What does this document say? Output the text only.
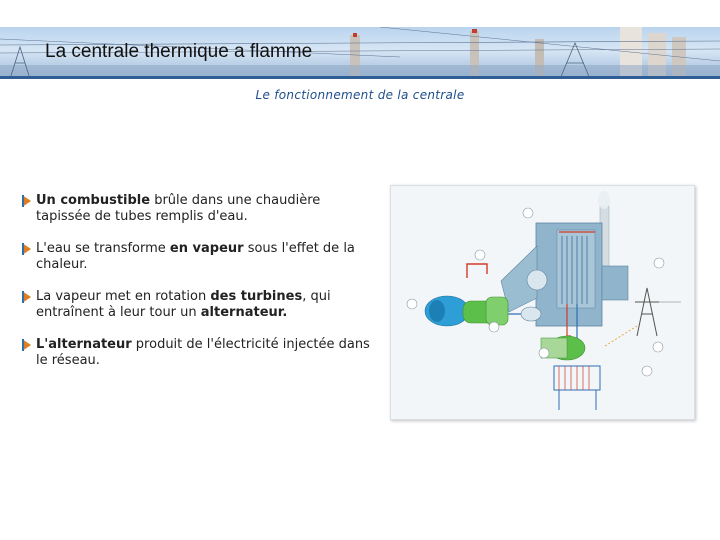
La centrale thermique a flamme
Le fonctionnement de la centrale
Un combustible brûle dans une chaudière tapissée de tubes remplis d'eau.
L'eau se transforme en vapeur sous l'effet de la chaleur.
La vapeur met en rotation des turbines, qui entraînent à leur tour un alternateur.
L'alternateur produit de l'électricité injectée dans le réseau.
